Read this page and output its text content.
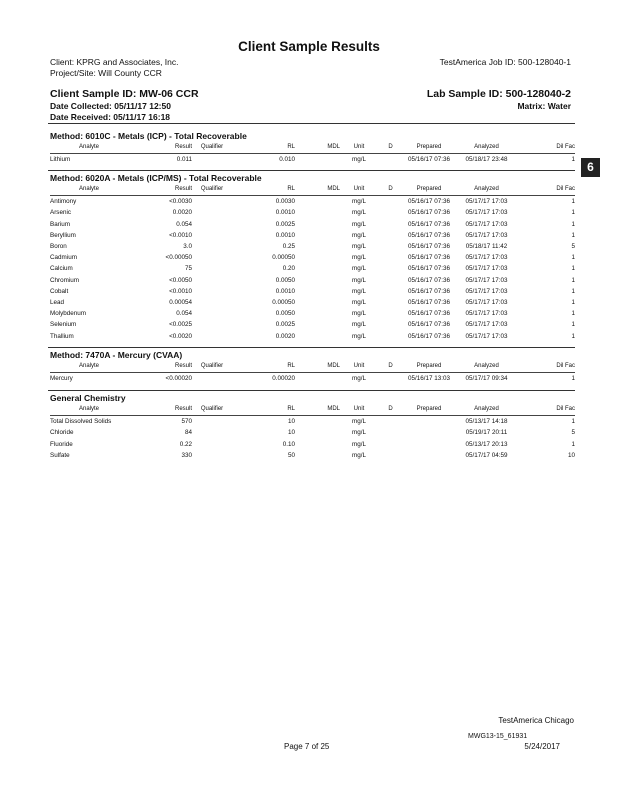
Client Sample Results
Client: KPRG and Associates, Inc.
Project/Site: Will County CCR
TestAmerica Job ID: 500-128040-1
Client Sample ID: MW-06 CCR	Lab Sample ID: 500-128040-2
Date Collected: 05/11/17 12:50	Matrix: Water
Date Received: 05/11/17 16:18
6
Method: 6010C - Metals (ICP) - Total Recoverable
Analyte	Result	Qualifier	RL	MDL	Unit	D	Prepared	Analyzed	Dil Fac
Lithium	0.011		0.010		mg/L		05/16/17 07:36	05/18/17 23:48	1
Method: 6020A - Metals (ICP/MS) - Total Recoverable
Analyte	Result	Qualifier	RL	MDL	Unit	D	Prepared	Analyzed	Dil Fac
Antimony	<0.0030		0.0030		mg/L		05/16/17 07:36	05/17/17 17:03	1
Arsenic	0.0020		0.0010		mg/L		05/16/17 07:36	05/17/17 17:03	1
Barium	0.054		0.0025		mg/L		05/16/17 07:36	05/17/17 17:03	1
Beryllium	<0.0010		0.0010		mg/L		05/16/17 07:36	05/17/17 17:03	1
Boron	3.0		0.25		mg/L		05/16/17 07:36	05/18/17 11:42	5
Cadmium	<0.00050		0.00050		mg/L		05/16/17 07:36	05/17/17 17:03	1
Calcium	75		0.20		mg/L		05/16/17 07:36	05/17/17 17:03	1
Chromium	<0.0050		0.0050		mg/L		05/16/17 07:36	05/17/17 17:03	1
Cobalt	<0.0010		0.0010		mg/L		05/16/17 07:36	05/17/17 17:03	1
Lead	0.00054		0.00050		mg/L		05/16/17 07:36	05/17/17 17:03	1
Molybdenum	0.054		0.0050		mg/L		05/16/17 07:36	05/17/17 17:03	1
Selenium	<0.0025		0.0025		mg/L		05/16/17 07:36	05/17/17 17:03	1
Thallium	<0.0020		0.0020		mg/L		05/16/17 07:36	05/17/17 17:03	1
Method: 7470A - Mercury (CVAA)
Analyte	Result	Qualifier	RL	MDL	Unit	D	Prepared	Analyzed	Dil Fac
Mercury	<0.00020		0.00020		mg/L		05/16/17 13:03	05/17/17 09:34	1
General Chemistry
Analyte	Result	Qualifier	RL	MDL	Unit	D	Prepared	Analyzed	Dil Fac
Total Dissolved Solids	570		10		mg/L			05/13/17 14:18	1
Chloride	84		10		mg/L			05/19/17 20:11	5
Fluoride	0.22		0.10		mg/L			05/13/17 20:13	1
Sulfate	330		50		mg/L			05/17/17 04:59	10
TestAmerica Chicago
Page 7 of 25
MWG13-15_61931
5/24/2017
